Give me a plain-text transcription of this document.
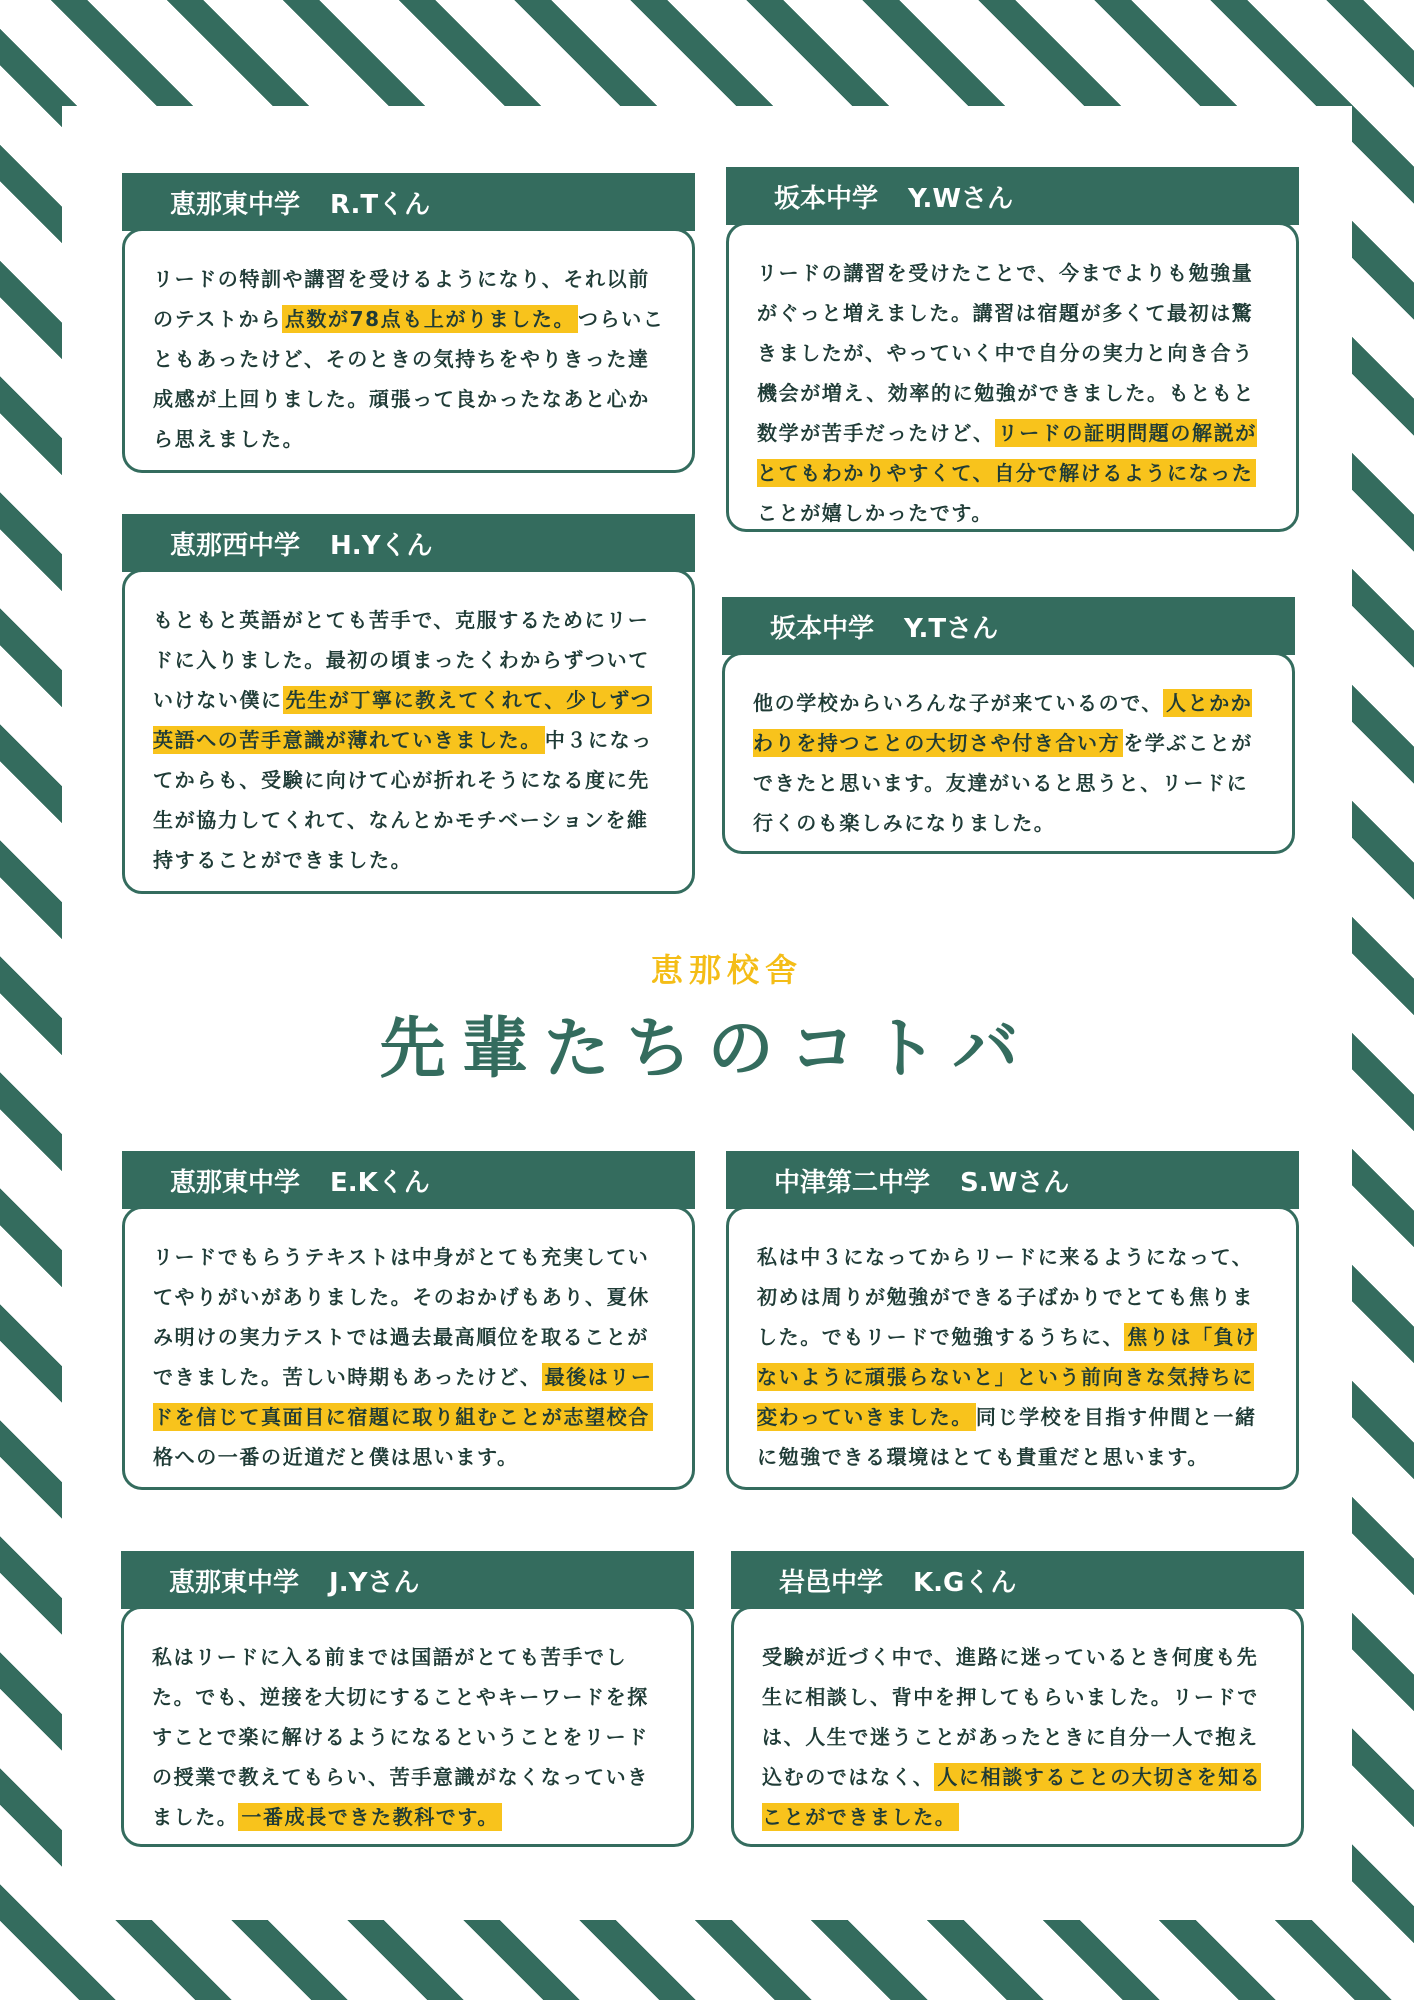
恵那東中学 R.Tくん
リードの特訓や講習を受けるようになり、それ以前のテストから 点数が78点も上がりました。 つらいこともあったけど、そのときの気持ちをやりきった達成感が上回りました。頑張って良かったなあと心から思えました。
坂本中学 Y.Wさん
リードの講習を受けたことで、今までよりも勉強量がぐっと増えました。講習は宿題が多くて最初は驚きましたが、やっていく中で自分の実力と向き合う機会が増え、効率的に勉強ができました。もともと数学が苦手だったけど、 リードの証明問題の解説がとてもわかりやすくて、自分で解けるようになったことが嬉しかったです。
恵那西中学 H.Yくん
もともと英語がとても苦手で、克服するためにリードに入りました。最初の頃まったくわからずついていけない僕に 先生が丁寧に教えてくれて、少しずつ英語への苦手意識が薄れていきました。 中３になってからも、受験に向けて心が折れそうになる度に先生が協力してくれて、なんとかモチベーションを維持することができました。
坂本中学 Y.Tさん
他の学校からいろんな子が来ているので、 人とかかわりを持つことの大切さや付き合い方 を学ぶことができたと思います。友達がいると思うと、リードに行くのも楽しみになりました。
恵那校舎
先輩たちのコトバ
恵那東中学 E.Kくん
リードでもらうテキストは中身がとても充実していてやりがいがありました。そのおかげもあり、夏休み明けの実力テストでは過去最高順位を取ることができました。苦しい時期もあったけど、 最後はリードを信じて真面目に宿題に取り組むことが志望校合格への一番の近道だと僕は思います。
中津第二中学 S.Wさん
私は中３になってからリードに来るようになって、初めは周りが勉強ができる子ばかりでとても焦りました。でもリードで勉強するうちに、 焦りは「負けないように頑張らないと」という前向きな気持ちに変わっていきました。 同じ学校を目指す仲間と一緒に勉強できる環境はとても貴重だと思います。
恵那東中学 J.Yさん
私はリードに入る前までは国語がとても苦手でした。でも、逆接を大切にすることやキーワードを探すことで楽に解けるようになるということをリードの授業で教えてもらい、苦手意識がなくなっていきました。 一番成長できた教科です。
岩邑中学 K.Gくん
受験が近づく中で、進路に迷っているとき何度も先生に相談し、背中を押してもらいました。リードでは、人生で迷うことがあったときに自分一人で抱え込むのではなく、 人に相談することの大切さを知ることができました。
